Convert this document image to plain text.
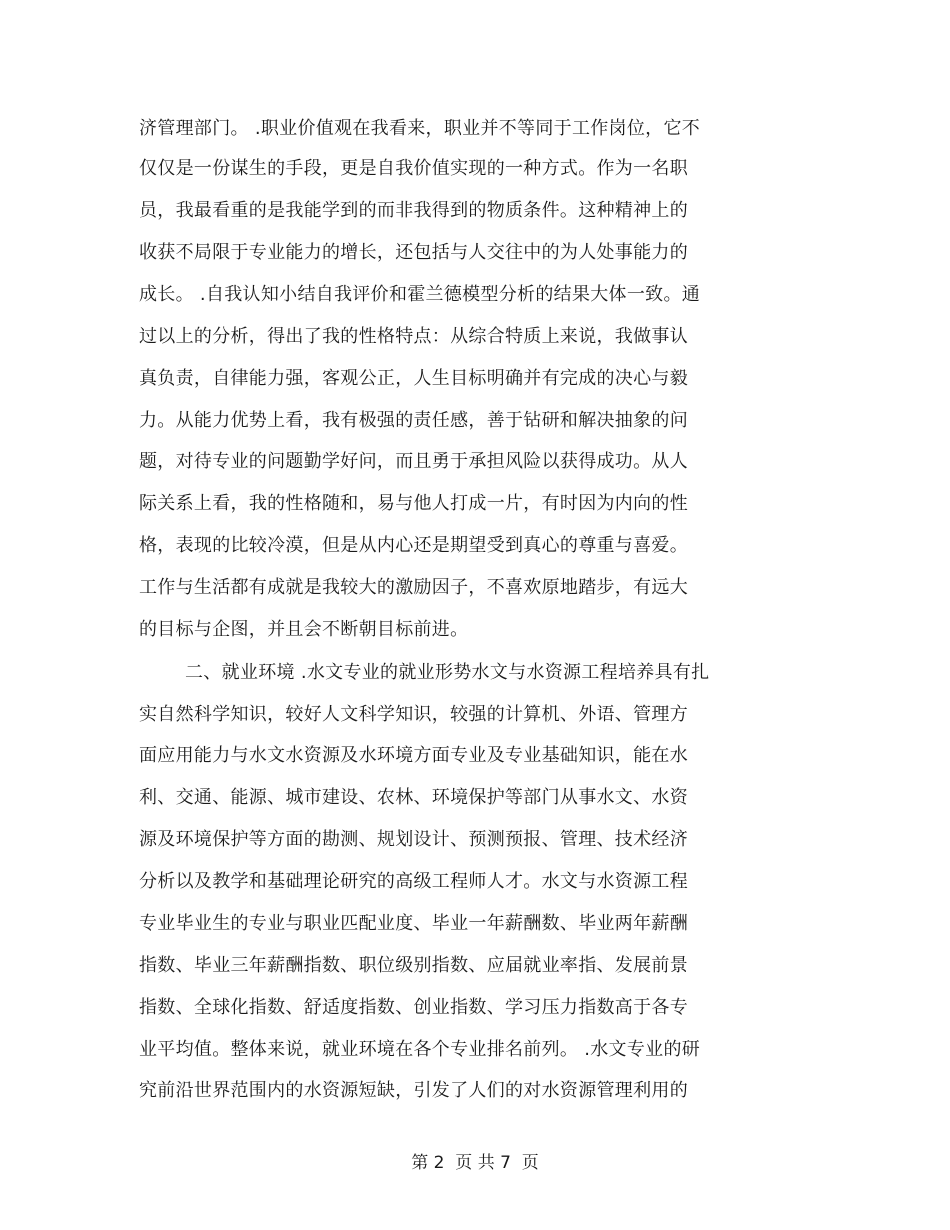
济管理部门。 .职业价值观在我看来，职业并不等同于工作岗位，它不
仅仅是一份谋生的手段，更是自我价值实现的一种方式。作为一名职
员，我最看重的是我能学到的而非我得到的物质条件。这种精神上的
收获不局限于专业能力的增长，还包括与人交往中的为人处事能力的
成长。 .自我认知小结自我评价和霍兰德模型分析的结果大体一致。通
过以上的分析，得出了我的性格特点：从综合特质上来说，我做事认
真负责，自律能力强，客观公正，人生目标明确并有完成的决心与毅
力。从能力优势上看，我有极强的责任感，善于钻研和解决抽象的问
题，对待专业的问题勤学好问，而且勇于承担风险以获得成功。从人
际关系上看，我的性格随和，易与他人打成一片，有时因为内向的性
格，表现的比较冷漠，但是从内心还是期望受到真心的尊重与喜爱。
工作与生活都有成就是我较大的激励因子，不喜欢原地踏步，有远大
的目标与企图，并且会不断朝目标前进。
二、就业环境 .水文专业的就业形势水文与水资源工程培养具有扎
实自然科学知识，较好人文科学知识，较强的计算机、外语、管理方
面应用能力与水文水资源及水环境方面专业及专业基础知识，能在水
利、交通、能源、城市建设、农林、环境保护等部门从事水文、水资
源及环境保护等方面的勘测、规划设计、预测预报、管理、技术经济
分析以及教学和基础理论研究的高级工程师人才。水文与水资源工程
专业毕业生的专业与职业匹配业度、毕业一年薪酬数、毕业两年薪酬
指数、毕业三年薪酬指数、职位级别指数、应届就业率指、发展前景
指数、全球化指数、舒适度指数、创业指数、学习压力指数高于各专
业平均值。整体来说，就业环境在各个专业排名前列。 .水文专业的研
究前沿世界范围内的水资源短缺，引发了人们的对水资源管理利用的
第 2  页 共 7  页
